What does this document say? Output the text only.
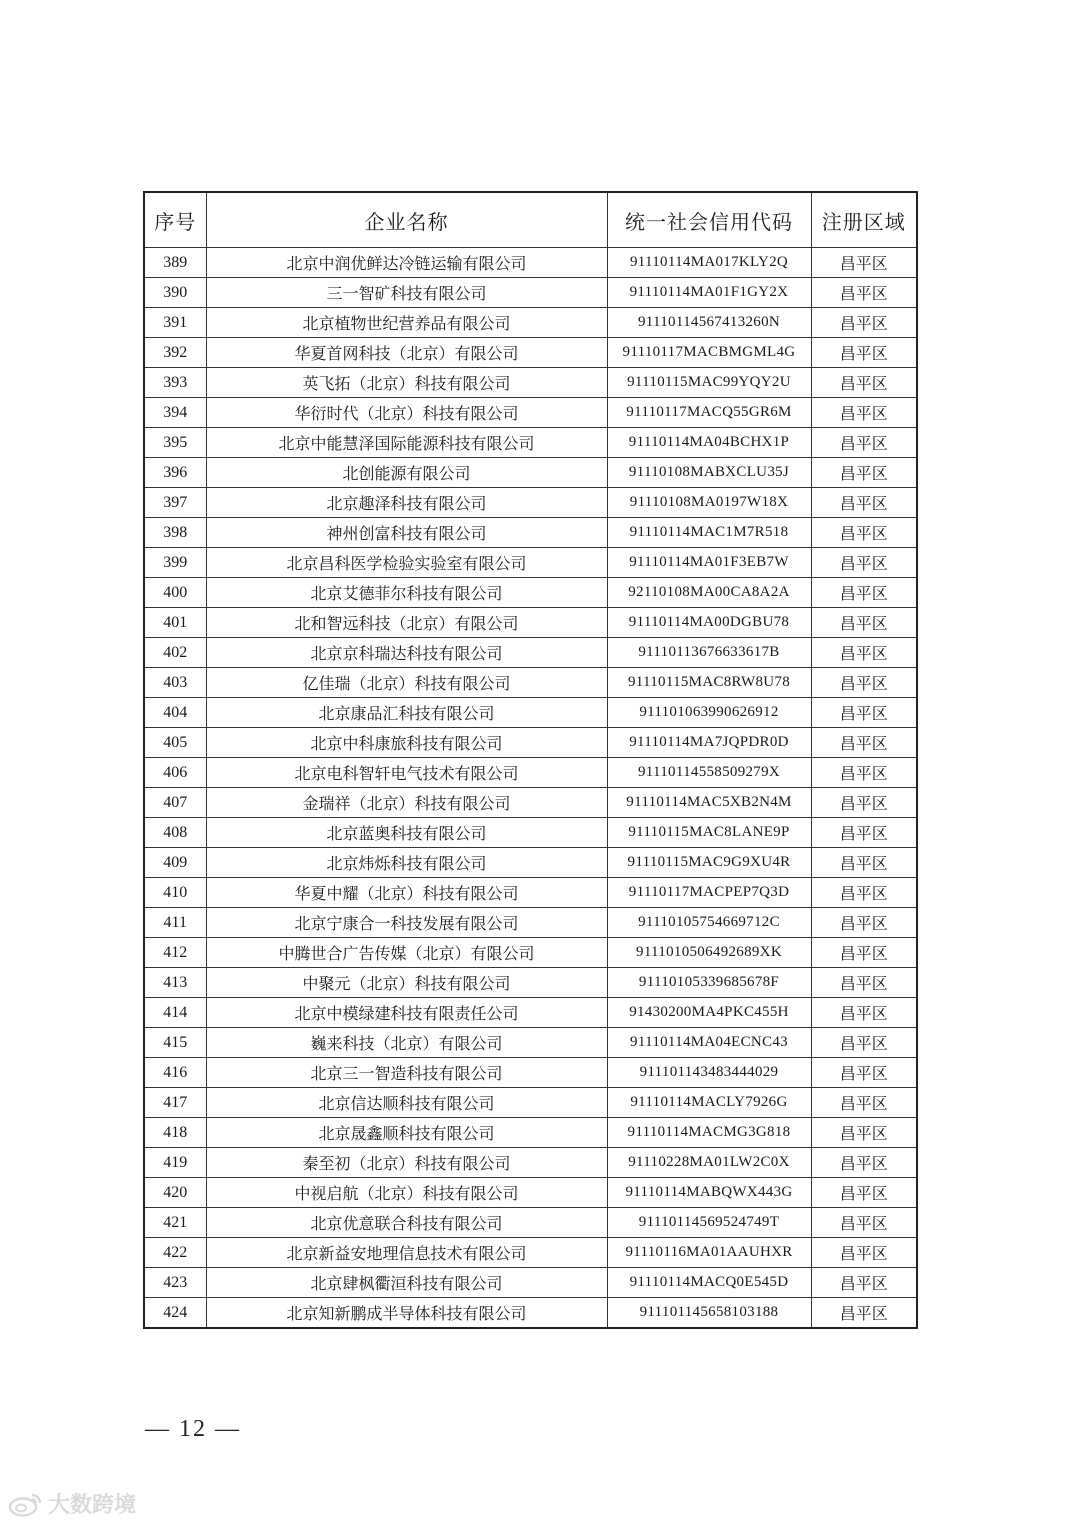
序号	企业名称	统一社会信用代码	注册区域
389	北京中润优鲜达冷链运输有限公司	91110114MA017KLY2Q	昌平区
390	三一智矿科技有限公司	91110114MA01F1GY2X	昌平区
391	北京植物世纪营养品有限公司	91110114567413260N	昌平区
392	华夏首网科技（北京）有限公司	91110117MACBMGML4G	昌平区
393	英飞拓（北京）科技有限公司	91110115MAC99YQY2U	昌平区
394	华衍时代（北京）科技有限公司	91110117MACQ55GR6M	昌平区
395	北京中能慧泽国际能源科技有限公司	91110114MA04BCHX1P	昌平区
396	北创能源有限公司	91110108MABXCLU35J	昌平区
397	北京趣泽科技有限公司	91110108MA0197W18X	昌平区
398	神州创富科技有限公司	91110114MAC1M7R518	昌平区
399	北京昌科医学检验实验室有限公司	91110114MA01F3EB7W	昌平区
400	北京艾德菲尔科技有限公司	92110108MA00CA8A2A	昌平区
401	北和智远科技（北京）有限公司	91110114MA00DGBU78	昌平区
402	北京京科瑞达科技有限公司	91110113676633617B	昌平区
403	亿佳瑞（北京）科技有限公司	91110115MAC8RW8U78	昌平区
404	北京康品汇科技有限公司	911101063990626912	昌平区
405	北京中科康旅科技有限公司	91110114MA7JQPDR0D	昌平区
406	北京电科智轩电气技术有限公司	91110114558509279X	昌平区
407	金瑞祥（北京）科技有限公司	91110114MAC5XB2N4M	昌平区
408	北京蓝奥科技有限公司	91110115MAC8LANE9P	昌平区
409	北京炜烁科技有限公司	91110115MAC9G9XU4R	昌平区
410	华夏中耀（北京）科技有限公司	91110117MACPEP7Q3D	昌平区
411	北京宁康合一科技发展有限公司	91110105754669712C	昌平区
412	中腾世合广告传媒（北京）有限公司	9111010506492689XK	昌平区
413	中聚元（北京）科技有限公司	91110105339685678F	昌平区
414	北京中模绿建科技有限责任公司	91430200MA4PKC455H	昌平区
415	巍来科技（北京）有限公司	91110114MA04ECNC43	昌平区
416	北京三一智造科技有限公司	911101143483444029	昌平区
417	北京信达顺科技有限公司	91110114MACLY7926G	昌平区
418	北京晟鑫顺科技有限公司	91110114MACMG3G818	昌平区
419	秦至初（北京）科技有限公司	91110228MA01LW2C0X	昌平区
420	中视启航（北京）科技有限公司	91110114MABQWX443G	昌平区
421	北京优意联合科技有限公司	91110114569524749T	昌平区
422	北京新益安地理信息技术有限公司	91110116MA01AAUHXR	昌平区
423	北京肆枫衢洹科技有限公司	91110114MACQ0E545D	昌平区
424	北京知新鹏成半导体科技有限公司	911101145658103188	昌平区
— 12 —
大数跨境
